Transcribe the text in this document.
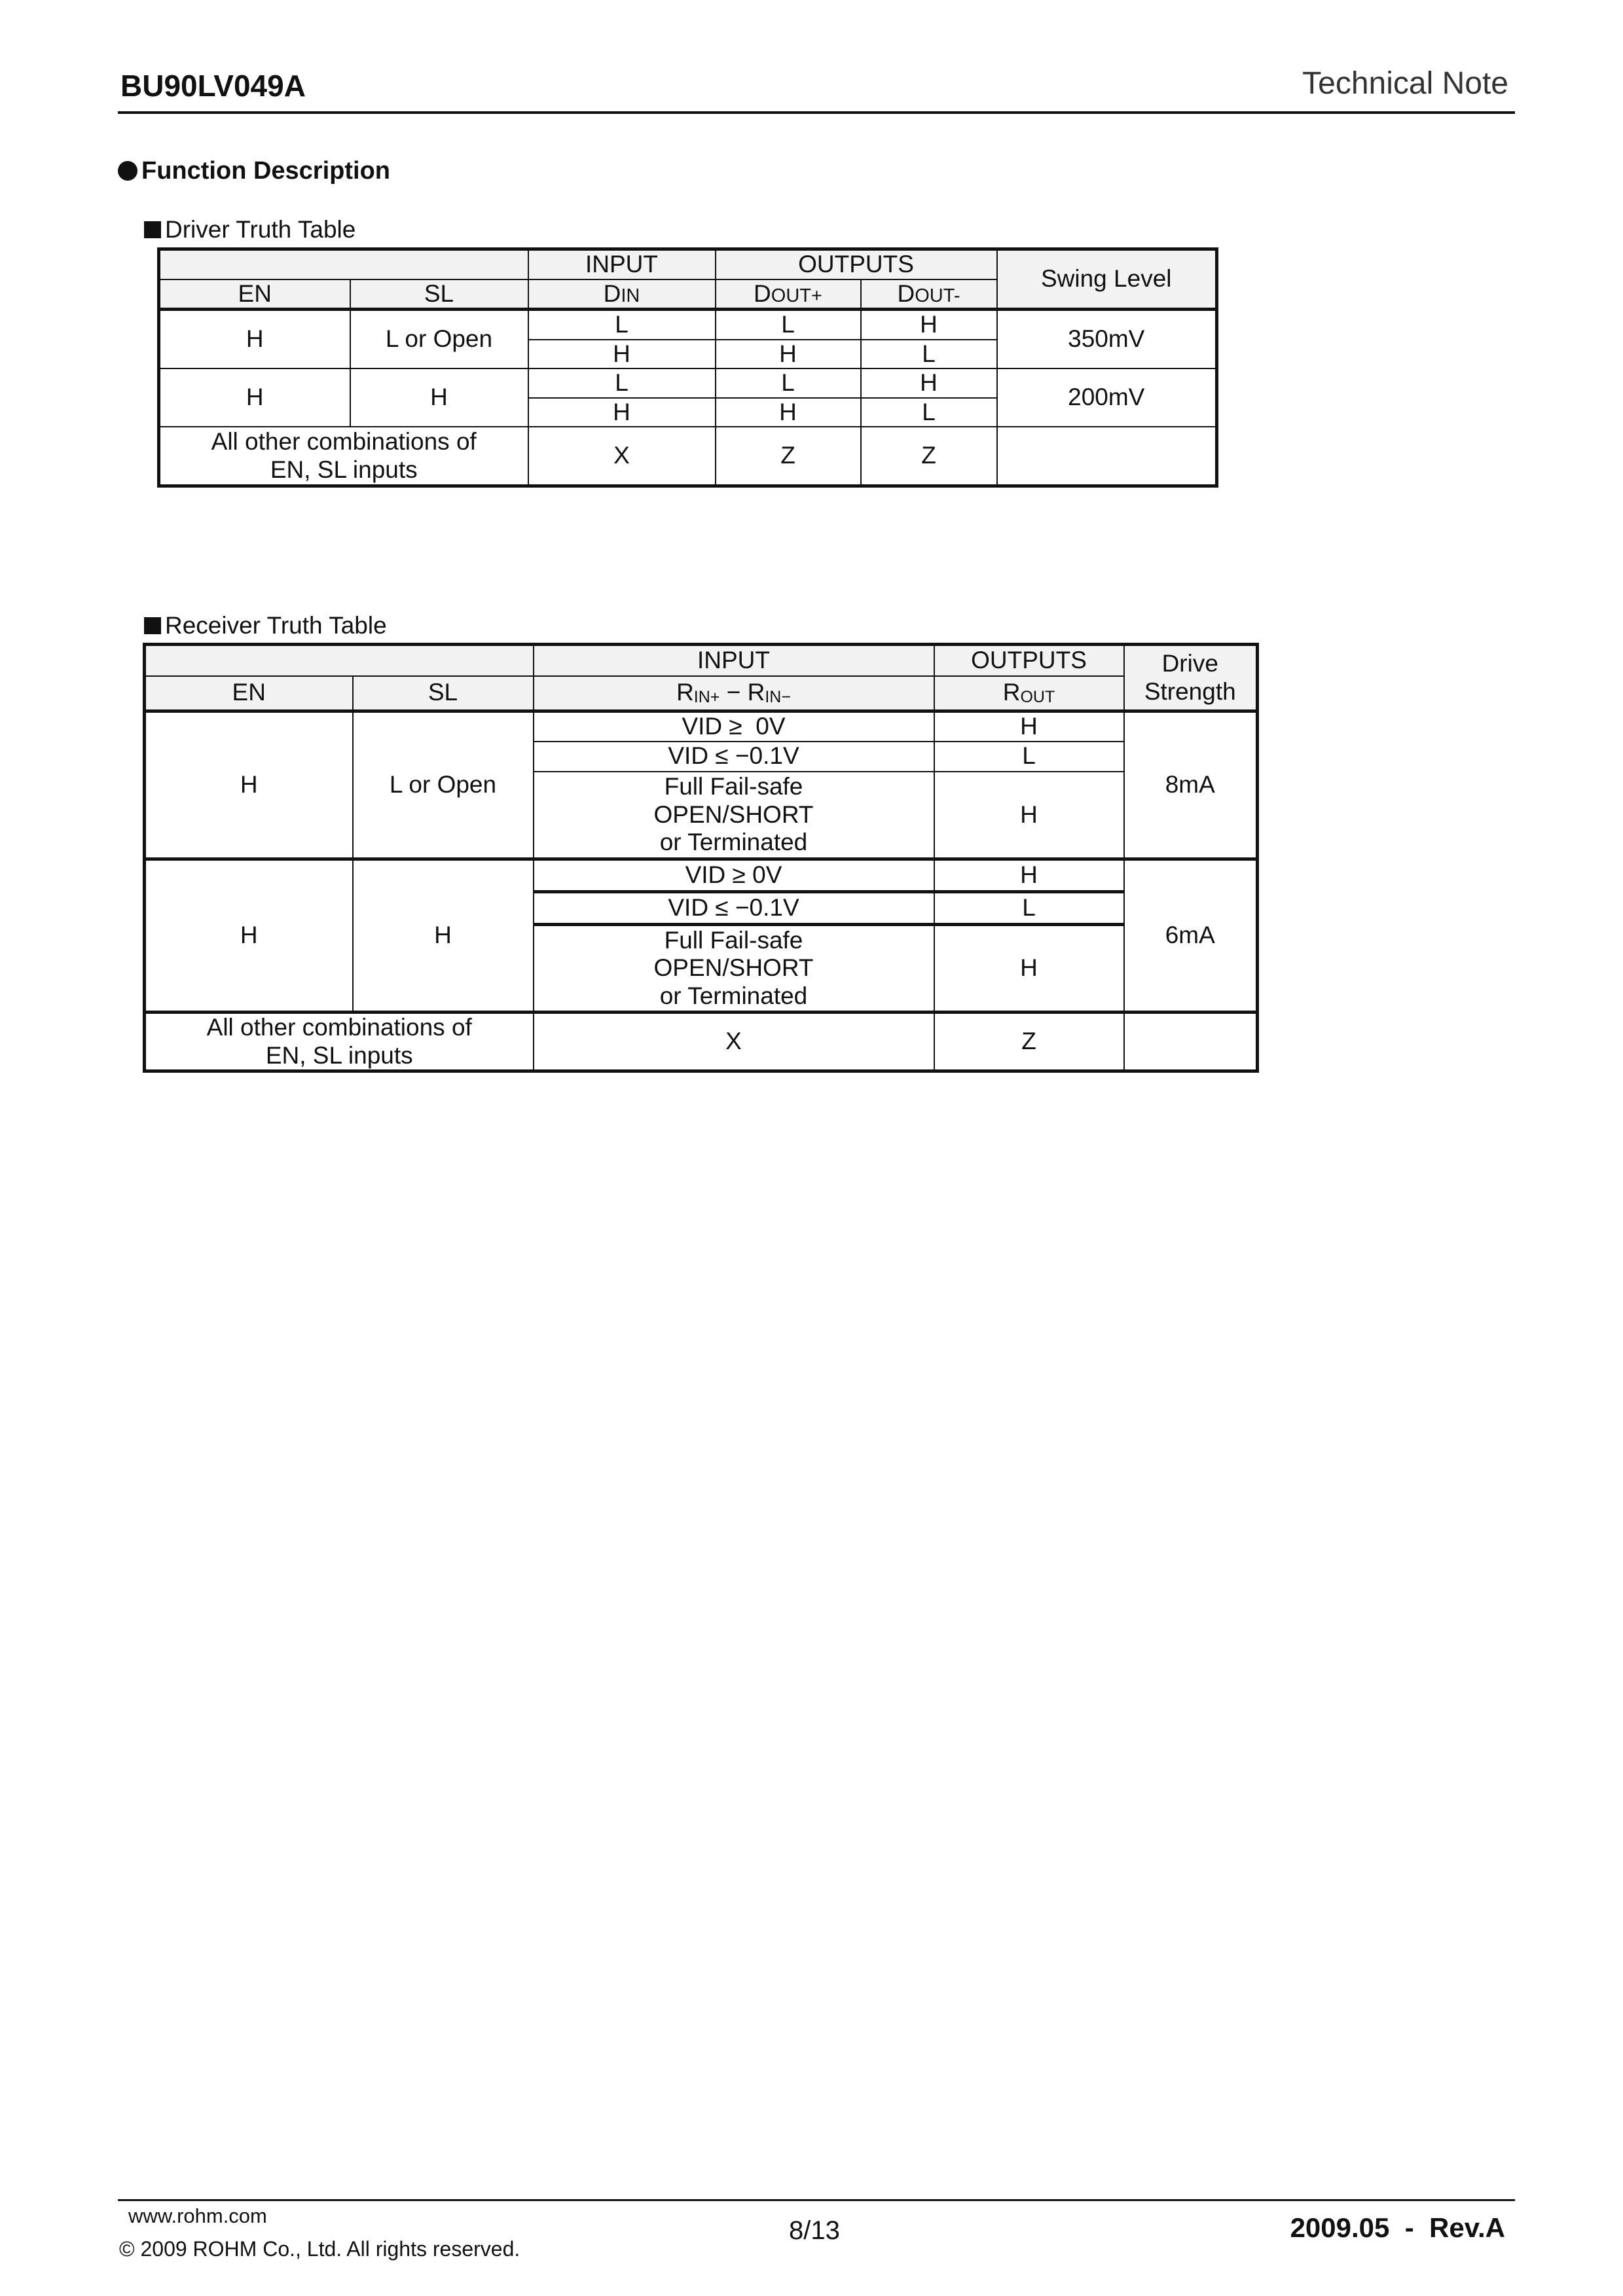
BU90LV049A	Technical Note
Function Description
Driver Truth Table
		INPUT	OUTPUTS		Swing Level
EN	SL	DIN	DOUT+	DOUT-	
H	L or Open	L	L	H	350mV
		H	H	L	
H	H	L	L	H	200mV
		H	H	L	

All other combinations of
EN, SL inputs		X	Z	Z	
Receiver Truth Table
		INPUT	OUTPUTS	Drive
Strength

EN	SL	RIN+ − RIN−	ROUT	
H	L or Open	VID ≥  0V	H	8mA
		VID ≤ −0.1V	L	

		Full Fail-safe
OPEN/SHORT
or Terminated	H	
H	H	VID ≥ 0V	H	6mA
		VID ≤ −0.1V	L	

		Full Fail-safe
OPEN/SHORT
or Terminated	H	

All other combinations of
EN, SL inputs		X	Z	
www.rohm.com
© 2009 ROHM Co., Ltd. All rights reserved.
8/13	2009.05  -  Rev.A
